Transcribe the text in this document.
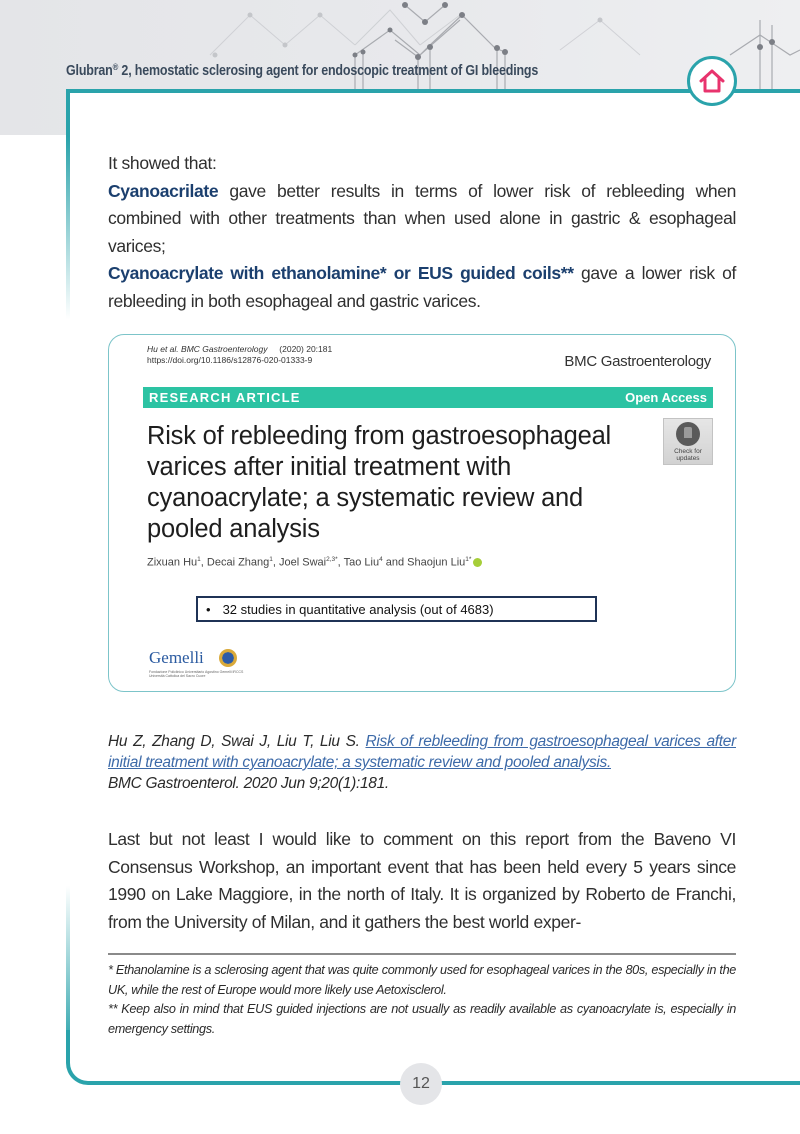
Glubran® 2, hemostatic sclerosing agent for endoscopic treatment of GI bleedings
It showed that:
Cyanoacrilate gave better results in terms of lower risk of rebleeding when combined with other treatments than when used alone in gastric & esophageal varices;
Cyanoacrylate with ethanolamine* or EUS guided coils** gave a lower risk of rebleeding in both esophageal and gastric varices.
Hu et al. BMC Gastroenterology (2020) 20:181
https://doi.org/10.1186/s12876-020-01333-9	BMC Gastroenterology
RESEARCH ARTICLE	Open Access
Risk of rebleeding from gastroesophageal varices after initial treatment with cyanoacrylate; a systematic review and pooled analysis
Check for updates
Zixuan Hu$^1$, Decai Zhang$^1$, Joel Swai$^{2,3*}$, Tao Liu$^4$ and Shaojun Liu$^{1*}$
• 32 studies in quantitative analysis (out of 4683)
Gemelli
Fondazione Policlinico Universitario Agostino Gemelli IRCCS Università Cattolica del Sacro Cuore
Hu Z, Zhang D, Swai J, Liu T, Liu S. Risk of rebleeding from gastroesophageal varices after initial treatment with cyanoacrylate; a systematic review and pooled analysis.
BMC Gastroenterol. 2020 Jun 9;20(1):181.
Last but not least I would like to comment on this report from the Baveno VI Consensus Workshop, an important event that has been held every 5 years since 1990 on Lake Maggiore, in the north of Italy. It is organized by Roberto de Franchi, from the University of Milan, and it gathers the best world exper-
* Ethanolamine is a sclerosing agent that was quite commonly used for esophageal varices in the 80s, especially in the UK, while the rest of Europe would more likely use Aetoxisclerol.
** Keep also in mind that EUS guided injections are not usually as readily available as cyanoacrylate is, especially in emergency settings.
12
